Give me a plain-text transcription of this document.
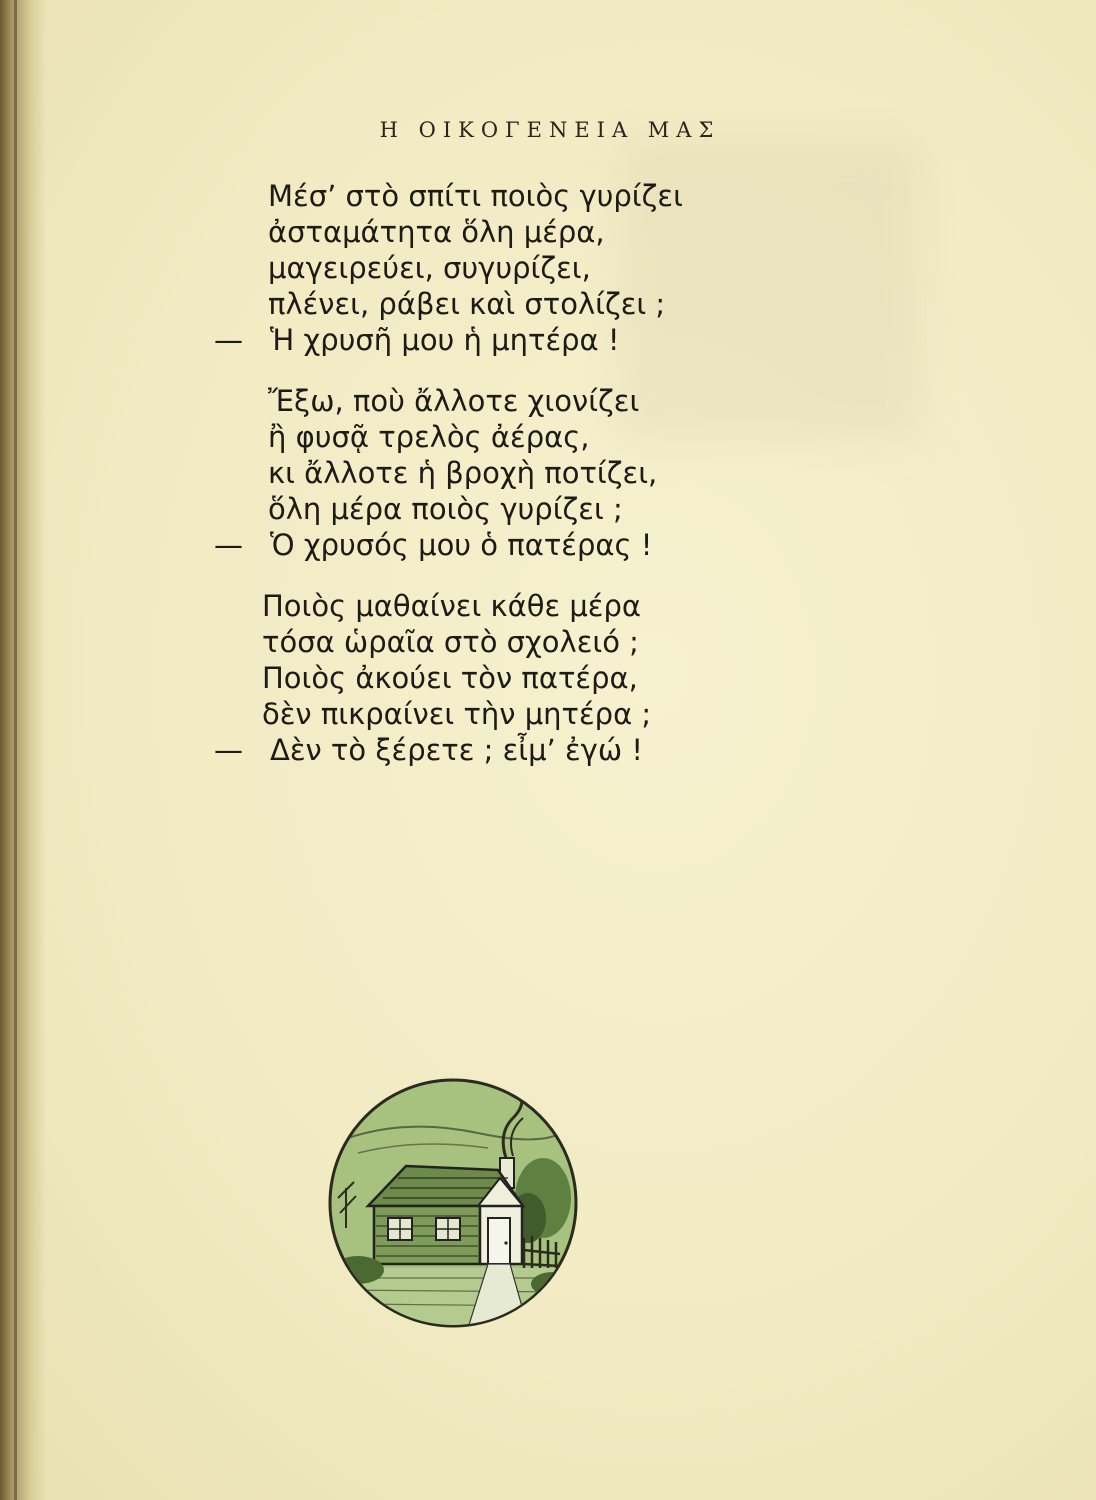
Η ΟΙΚΟΓΕΝΕΙΑ ΜΑΣ
Μέσ’ στὸ σπίτι ποιὸς γυρίζει
ἀσταμάτητα ὅλη μέρα,
μαγειρεύει, συγυρίζει,
πλένει, ράβει καὶ στολίζει ;
— Ἡ χρυσῆ μου ἡ μητέρα !
Ἔξω, ποὺ ἄλλοτε χιονίζει
ἢ φυσᾷ τρελὸς ἀέρας,
κι ἄλλοτε ἡ βροχὴ ποτίζει,
ὅλη μέρα ποιὸς γυρίζει ;
— Ὁ χρυσός μου ὁ πατέρας !
Ποιὸς μαθαίνει κάθε μέρα
τόσα ὡραῖα στὸ σχολειό ;
Ποιὸς ἀκούει τὸν πατέρα,
δὲν πικραίνει τὴν μητέρα ;
— Δὲν τὸ ξέρετε ; εἶμ’ ἐγώ !
